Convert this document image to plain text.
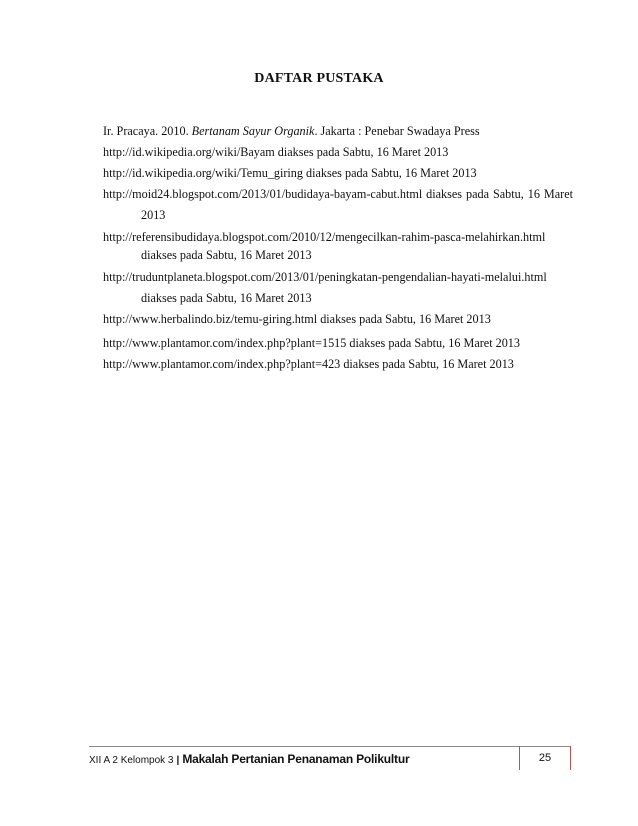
DAFTAR PUSTAKA

Ir. Pracaya. 2010. Bertanam Sayur Organik. Jakarta : Penebar Swadaya Press

http://id.wikipedia.org/wiki/Bayam diakses pada Sabtu, 16 Maret 2013

http://id.wikipedia.org/wiki/Temu_giring diakses pada Sabtu, 16 Maret 2013

http://moid24.blogspot.com/2013/01/budidaya-bayam-cabut.html diakses pada Sabtu, 16 Maret 2013

http://referensibudidaya.blogspot.com/2010/12/mengecilkan-rahim-pasca-melahirkan.html diakses pada Sabtu, 16 Maret 2013

http://truduntplaneta.blogspot.com/2013/01/peningkatan-pengendalian-hayati-melalui.html diakses pada Sabtu, 16 Maret 2013

http://www.herbalindo.biz/temu-giring.html diakses pada Sabtu, 16 Maret 2013

http://www.plantamor.com/index.php?plant=1515 diakses pada Sabtu, 16 Maret 2013

http://www.plantamor.com/index.php?plant=423 diakses pada Sabtu, 16 Maret 2013

XII A 2 Kelompok 3 | Makalah Pertanian Penanaman Polikultur	25
